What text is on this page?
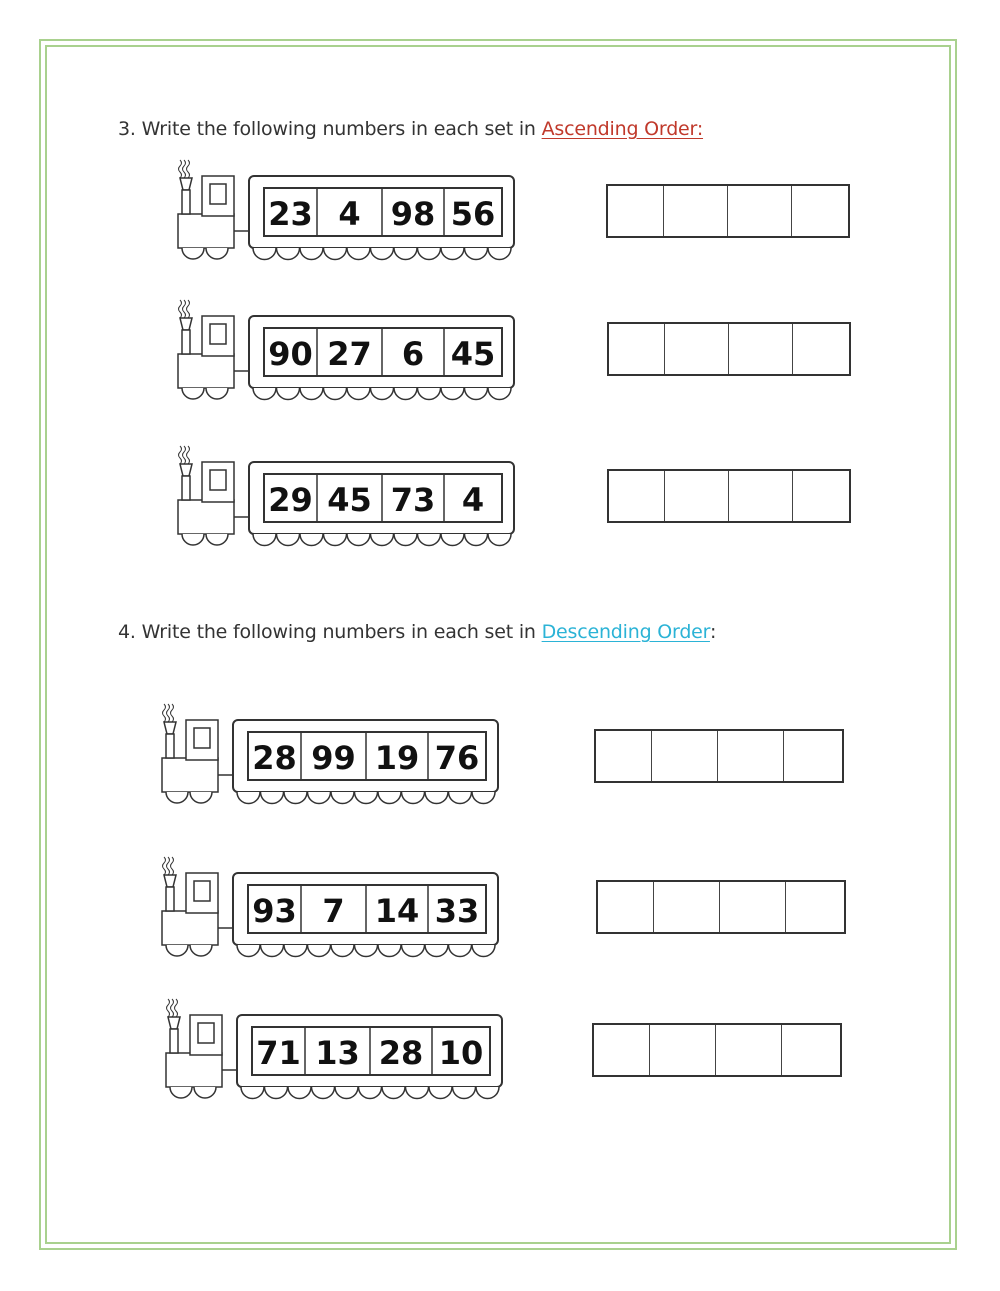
3. Write the following numbers in each set in Ascending Order:
23 4 98 56
90 27 6 45
29 45 73 4
4. Write the following numbers in each set in Descending Order:
28 99 19 76
93 7 14 33
71 13 28 10
